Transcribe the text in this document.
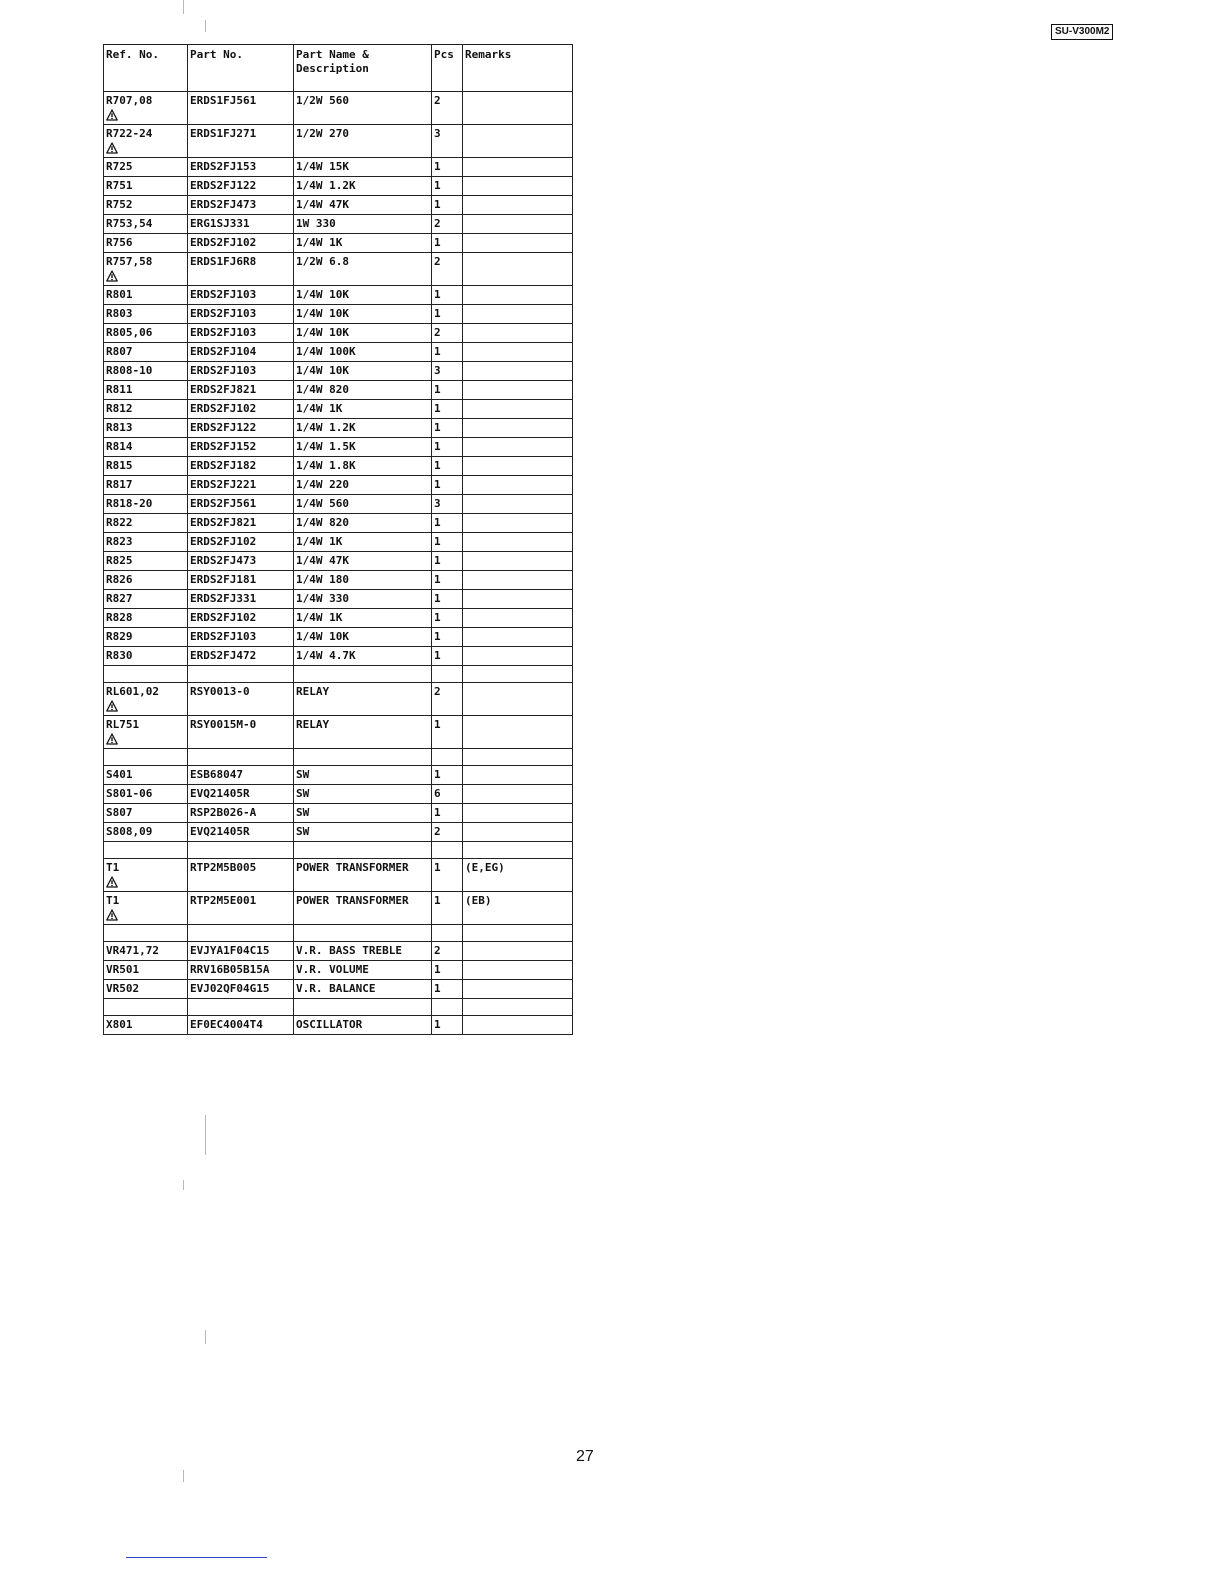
SU-V300M2
Ref. No.	Part No.	Part Name & Description	Pcs	Remarks
R707,08	ERDS1FJ561	1/2W 560	2	
R722-24	ERDS1FJ271	1/2W 270	3	
R725	ERDS2FJ153	1/4W 15K	1	
R751	ERDS2FJ122	1/4W 1.2K	1	
R752	ERDS2FJ473	1/4W 47K	1	
R753,54	ERG1SJ331	1W 330	2	
R756	ERDS2FJ102	1/4W 1K	1	
R757,58	ERDS1FJ6R8	1/2W 6.8	2	
R801	ERDS2FJ103	1/4W 10K	1	
R803	ERDS2FJ103	1/4W 10K	1	
R805,06	ERDS2FJ103	1/4W 10K	2	
R807	ERDS2FJ104	1/4W 100K	1	
R808-10	ERDS2FJ103	1/4W 10K	3	
R811	ERDS2FJ821	1/4W 820	1	
R812	ERDS2FJ102	1/4W 1K	1	
R813	ERDS2FJ122	1/4W 1.2K	1	
R814	ERDS2FJ152	1/4W 1.5K	1	
R815	ERDS2FJ182	1/4W 1.8K	1	
R817	ERDS2FJ221	1/4W 220	1	
R818-20	ERDS2FJ561	1/4W 560	3	
R822	ERDS2FJ821	1/4W 820	1	
R823	ERDS2FJ102	1/4W 1K	1	
R825	ERDS2FJ473	1/4W 47K	1	
R826	ERDS2FJ181	1/4W 180	1	
R827	ERDS2FJ331	1/4W 330	1	
R828	ERDS2FJ102	1/4W 1K	1	
R829	ERDS2FJ103	1/4W 10K	1	
R830	ERDS2FJ472	1/4W 4.7K	1	

RL601,02	RSY0013-0	RELAY	2	
RL751	RSY0015M-0	RELAY	1	

S401	ESB68047	SW	1	
S801-06	EVQ21405R	SW	6	
S807	RSP2B026-A	SW	1	
S808,09	EVQ21405R	SW	2	

T1	RTP2M5B005	POWER TRANSFORMER	1	(E,EG)
T1	RTP2M5E001	POWER TRANSFORMER	1	(EB)

VR471,72	EVJYA1F04C15	V.R. BASS TREBLE	2	
VR501	RRV16B05B15A	V.R. VOLUME	1	
VR502	EVJ02QF04G15	V.R. BALANCE	1	

X801	EF0EC4004T4	OSCILLATOR	1	
27
